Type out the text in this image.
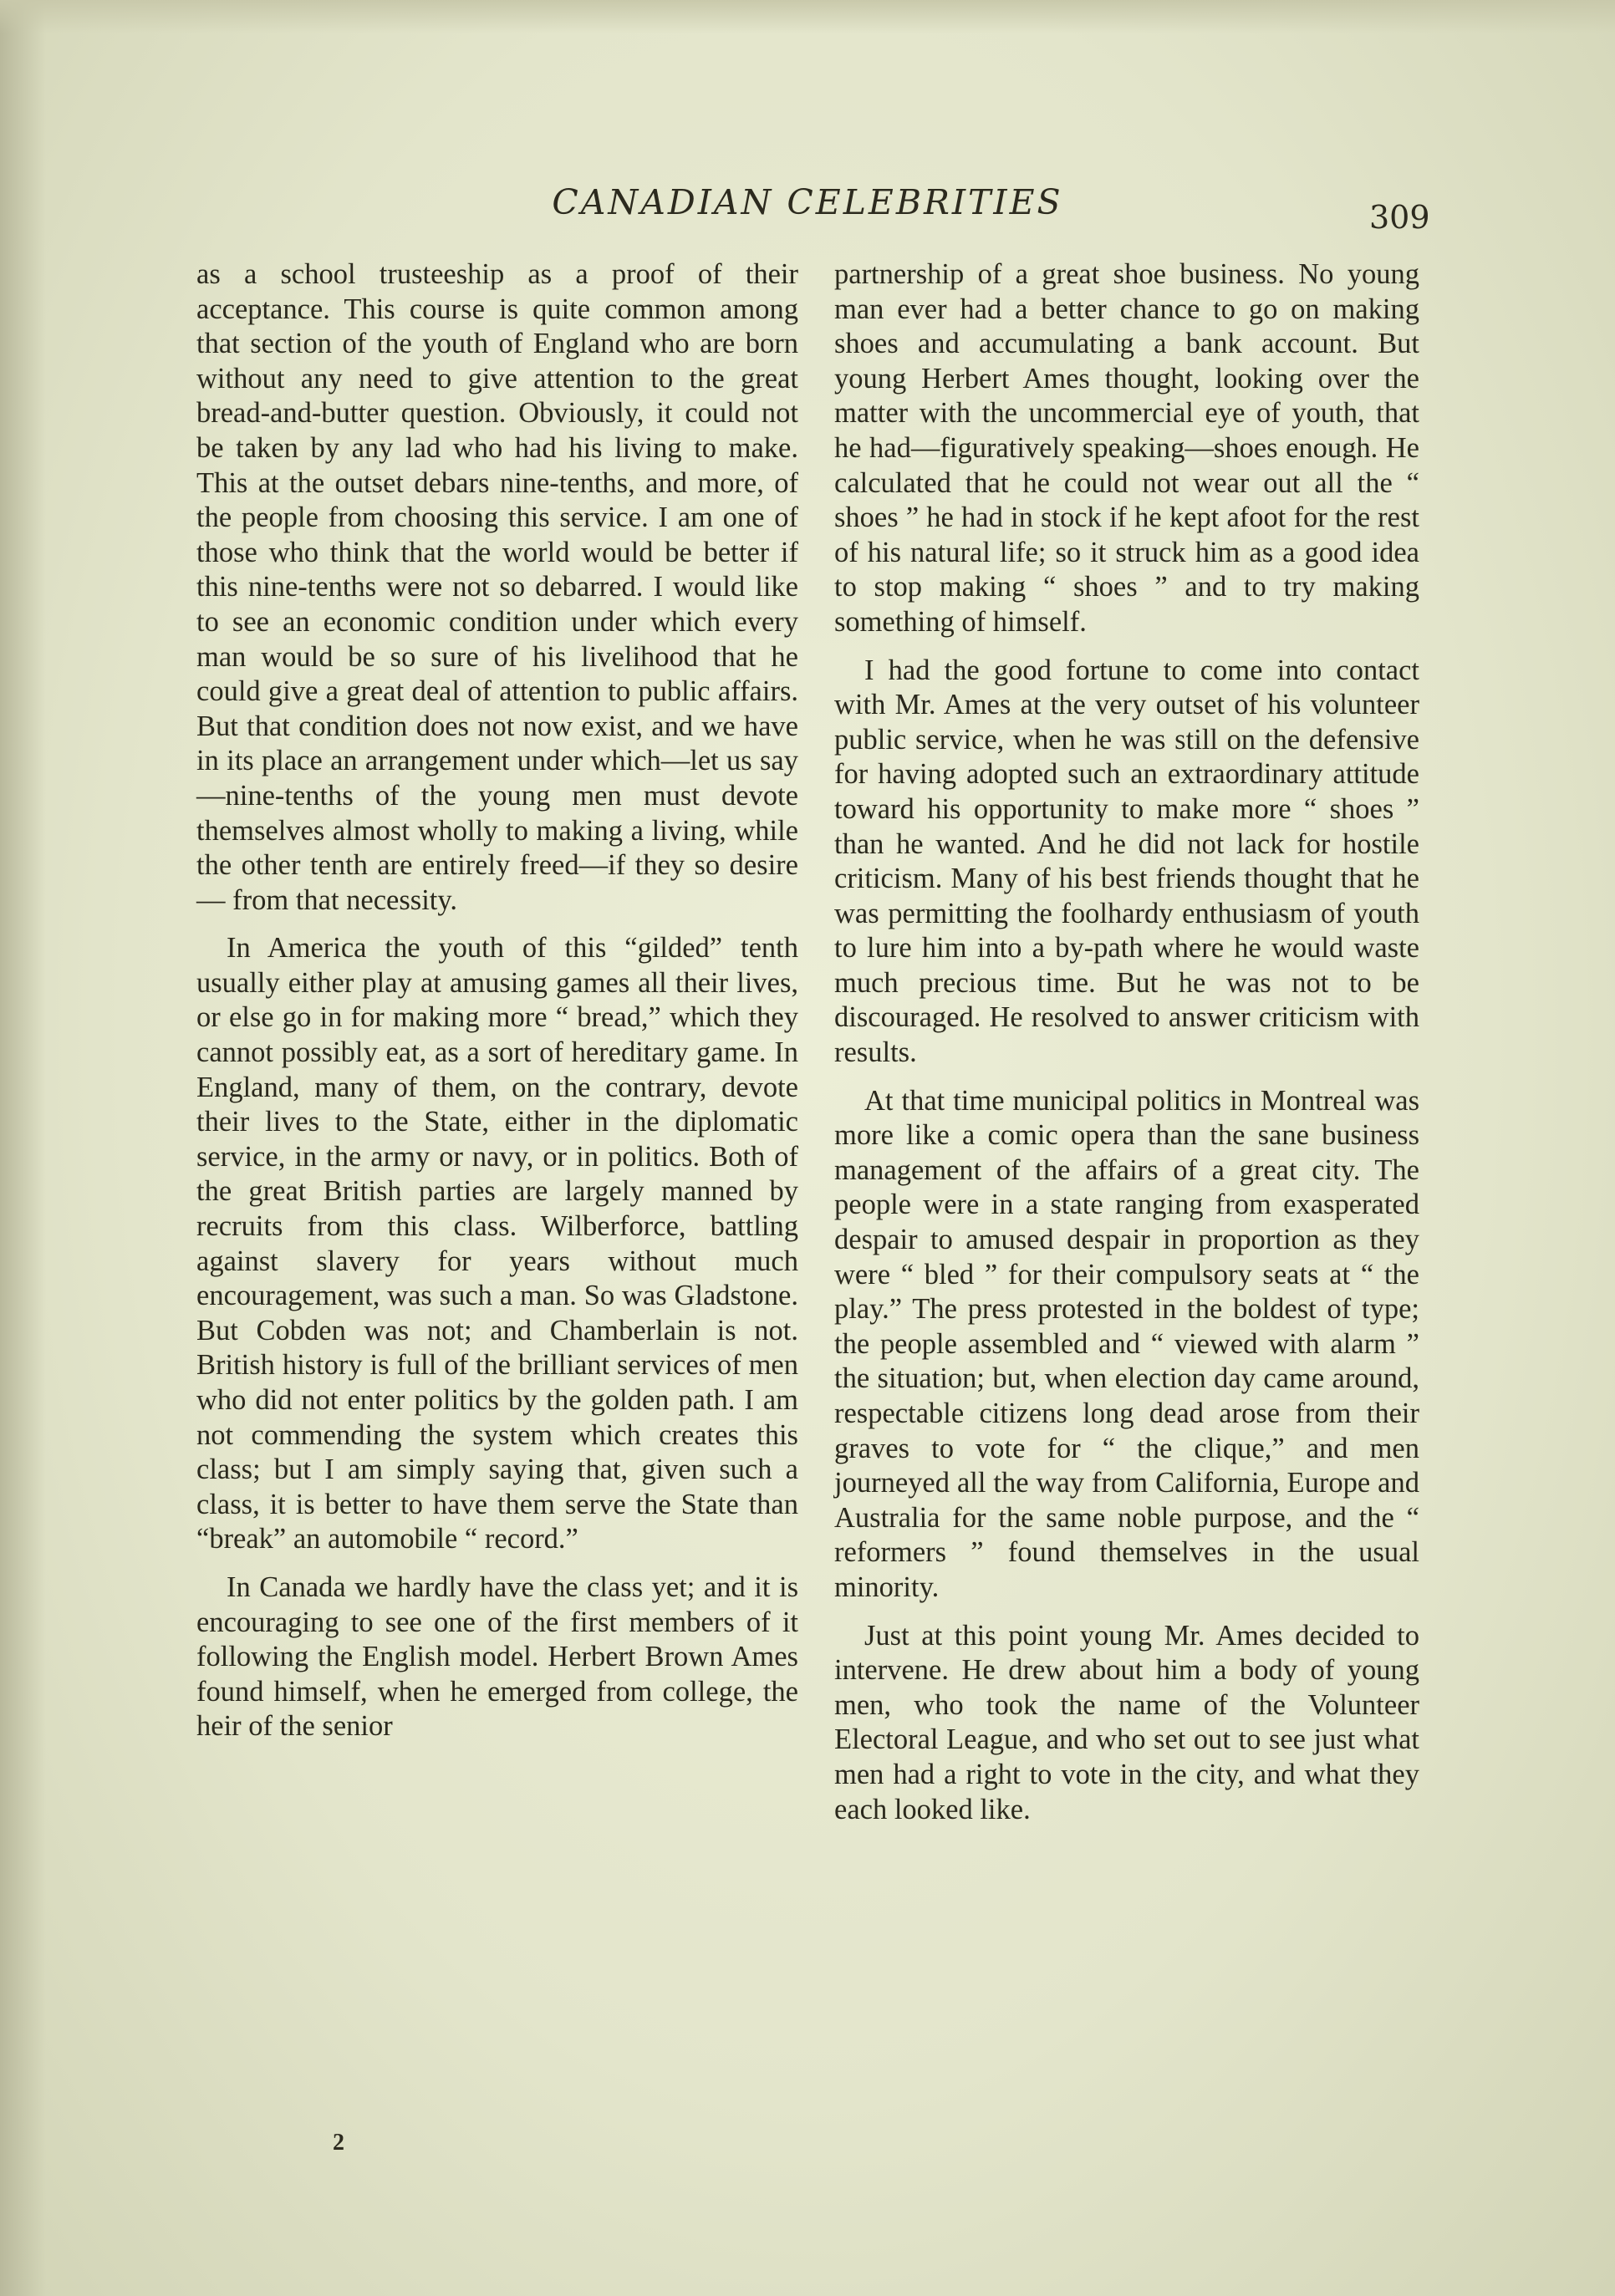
CANADIAN CELEBRITIES	309

as a school trusteeship as a proof of their acceptance. This course is quite common among that section of the youth of England who are born without any need to give attention to the great bread-and-butter question. Obviously, it could not be taken by any lad who had his living to make. This at the outset debars nine-tenths, and more, of the people from choosing this service. I am one of those who think that the world would be better if this nine-tenths were not so debarred. I would like to see an economic condition under which every man would be so sure of his livelihood that he could give a great deal of attention to public affairs. But that condition does not now exist, and we have in its place an arrangement under which—let us say —nine-tenths of the young men must devote themselves almost wholly to making a living, while the other tenth are entirely freed—if they so desire— from that necessity.

In America the youth of this “gilded” tenth usually either play at amusing games all their lives, or else go in for making more “ bread,” which they cannot possibly eat, as a sort of hereditary game. In England, many of them, on the contrary, devote their lives to the State, either in the diplomatic service, in the army or navy, or in politics. Both of the great British parties are largely manned by recruits from this class. Wilberforce, battling against slavery for years without much encouragement, was such a man. So was Gladstone. But Cobden was not; and Chamberlain is not. British history is full of the brilliant services of men who did not enter politics by the golden path. I am not commending the system which creates this class; but I am simply saying that, given such a class, it is better to have them serve the State than “break” an automobile “ record.”

In Canada we hardly have the class yet; and it is encouraging to see one of the first members of it following the English model. Herbert Brown Ames found himself, when he emerged from college, the heir of the senior

partnership of a great shoe business. No young man ever had a better chance to go on making shoes and accumulating a bank account. But young Herbert Ames thought, looking over the matter with the uncommercial eye of youth, that he had—figuratively speaking—shoes enough. He calculated that he could not wear out all the “ shoes ” he had in stock if he kept afoot for the rest of his natural life; so it struck him as a good idea to stop making “ shoes ” and to try making something of himself.

I had the good fortune to come into contact with Mr. Ames at the very outset of his volunteer public service, when he was still on the defensive for having adopted such an extraordinary attitude toward his opportunity to make more “ shoes ” than he wanted. And he did not lack for hostile criticism. Many of his best friends thought that he was permitting the foolhardy enthusiasm of youth to lure him into a by-path where he would waste much precious time. But he was not to be discouraged. He resolved to answer criticism with results.

At that time municipal politics in Montreal was more like a comic opera than the sane business management of the affairs of a great city. The people were in a state ranging from exasperated despair to amused despair in proportion as they were “ bled ” for their compulsory seats at “ the play.” The press protested in the boldest of type; the people assembled and “ viewed with alarm ” the situation; but, when election day came around, respectable citizens long dead arose from their graves to vote for “ the clique,” and men journeyed all the way from California, Europe and Australia for the same noble purpose, and the “ reformers ” found themselves in the usual minority.

Just at this point young Mr. Ames decided to intervene. He drew about him a body of young men, who took the name of the Volunteer Electoral League, and who set out to see just what men had a right to vote in the city, and what they each looked like.

2
